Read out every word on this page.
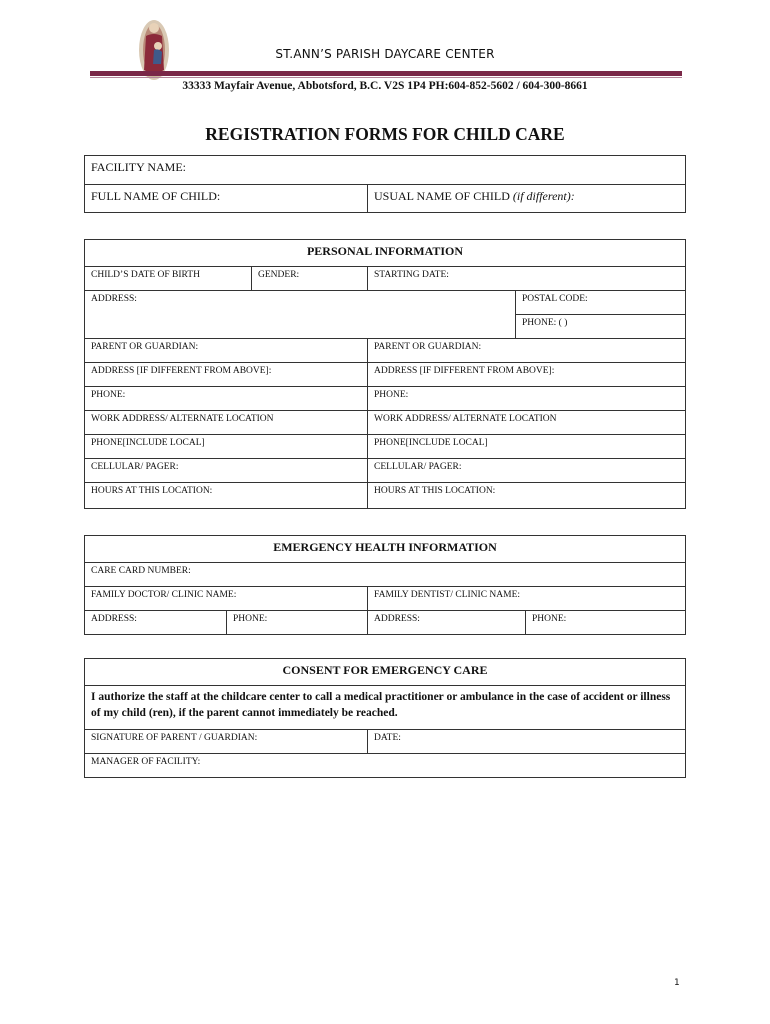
ST.ANN’S PARISH DAYCARE CENTER
33333 Mayfair Avenue, Abbotsford, B.C. V2S 1P4 PH:604-852-5602 / 604-300-8661
REGISTRATION FORMS FOR CHILD CARE
FACILITY NAME:
FULL NAME OF CHILD:	USUAL NAME OF CHILD (if different):
PERSONAL INFORMATION
CHILD’S DATE OF BIRTH	GENDER:	STARTING DATE:
ADDRESS:	POSTAL CODE:
PHONE: ( )
PARENT OR GUARDIAN:	PARENT OR GUARDIAN:
ADDRESS [IF DIFFERENT FROM ABOVE]:	ADDRESS [IF DIFFERENT FROM ABOVE]:
PHONE:	PHONE:
WORK ADDRESS/ ALTERNATE LOCATION	WORK ADDRESS/ ALTERNATE LOCATION
PHONE[INCLUDE LOCAL]	PHONE[INCLUDE LOCAL]
CELLULAR/ PAGER:	CELLULAR/ PAGER:
HOURS AT THIS LOCATION:	HOURS AT THIS LOCATION:
EMERGENCY HEALTH INFORMATION
CARE CARD NUMBER:
FAMILY DOCTOR/ CLINIC NAME:	FAMILY DENTIST/ CLINIC NAME:
ADDRESS:	PHONE:	ADDRESS:	PHONE:
CONSENT FOR EMERGENCY CARE
I authorize the staff at the childcare center to call a medical practitioner or ambulance in the case of accident or illness of my child (ren), if the parent cannot immediately be reached.
SIGNATURE OF PARENT / GUARDIAN:	DATE:
MANAGER OF FACILITY:
1
